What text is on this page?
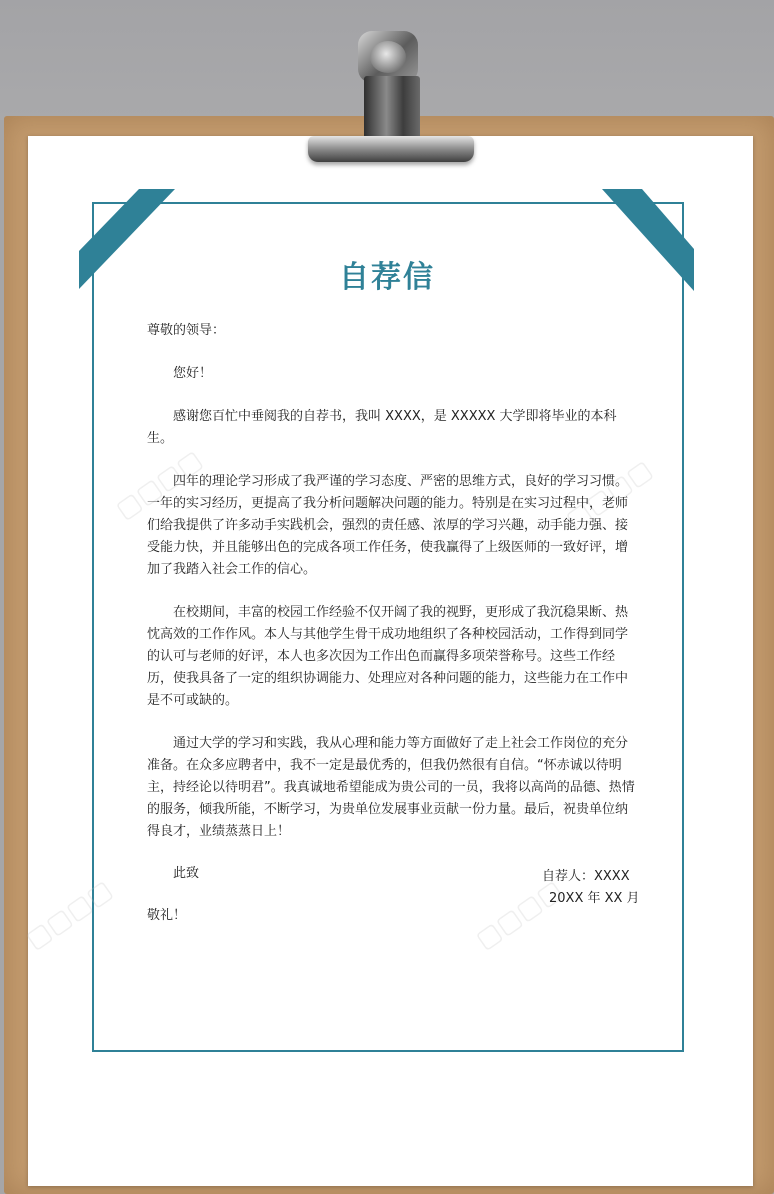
▢▢▢▢	▢▢▢▢
▢▢▢▢	▢▢▢▢
自荐信

尊敬的领导：

您好！

感谢您百忙中垂阅我的自荐书，我叫 XXXX，是 XXXXX 大学即将毕业的本科生。

四年的理论学习形成了我严谨的学习态度、严密的思维方式，良好的学习习惯。一年的实习经历，更提高了我分析问题解决问题的能力。特别是在实习过程中，老师们给我提供了许多动手实践机会，强烈的责任感、浓厚的学习兴趣，动手能力强、接受能力快，并且能够出色的完成各项工作任务，使我赢得了上级医师的一致好评，增加了我踏入社会工作的信心。

在校期间，丰富的校园工作经验不仅开阔了我的视野，更形成了我沉稳果断、热忱高效的工作作风。本人与其他学生骨干成功地组织了各种校园活动，工作得到同学的认可与老师的好评，本人也多次因为工作出色而赢得多项荣誉称号。这些工作经历，使我具备了一定的组织协调能力、处理应对各种问题的能力，这些能力在工作中是不可或缺的。

通过大学的学习和实践，我从心理和能力等方面做好了走上社会工作岗位的充分准备。在众多应聘者中，我不一定是最优秀的，但我仍然很有自信。“怀赤诚以待明主，持经论以待明君”。我真诚地希望能成为贵公司的一员，我将以高尚的品德、热情的服务，倾我所能，不断学习，为贵单位发展事业贡献一份力量。最后，祝贵单位纳得良才，业绩蒸蒸日上！

此致

敬礼！

自荐人：XXXX
20XX 年 XX 月
